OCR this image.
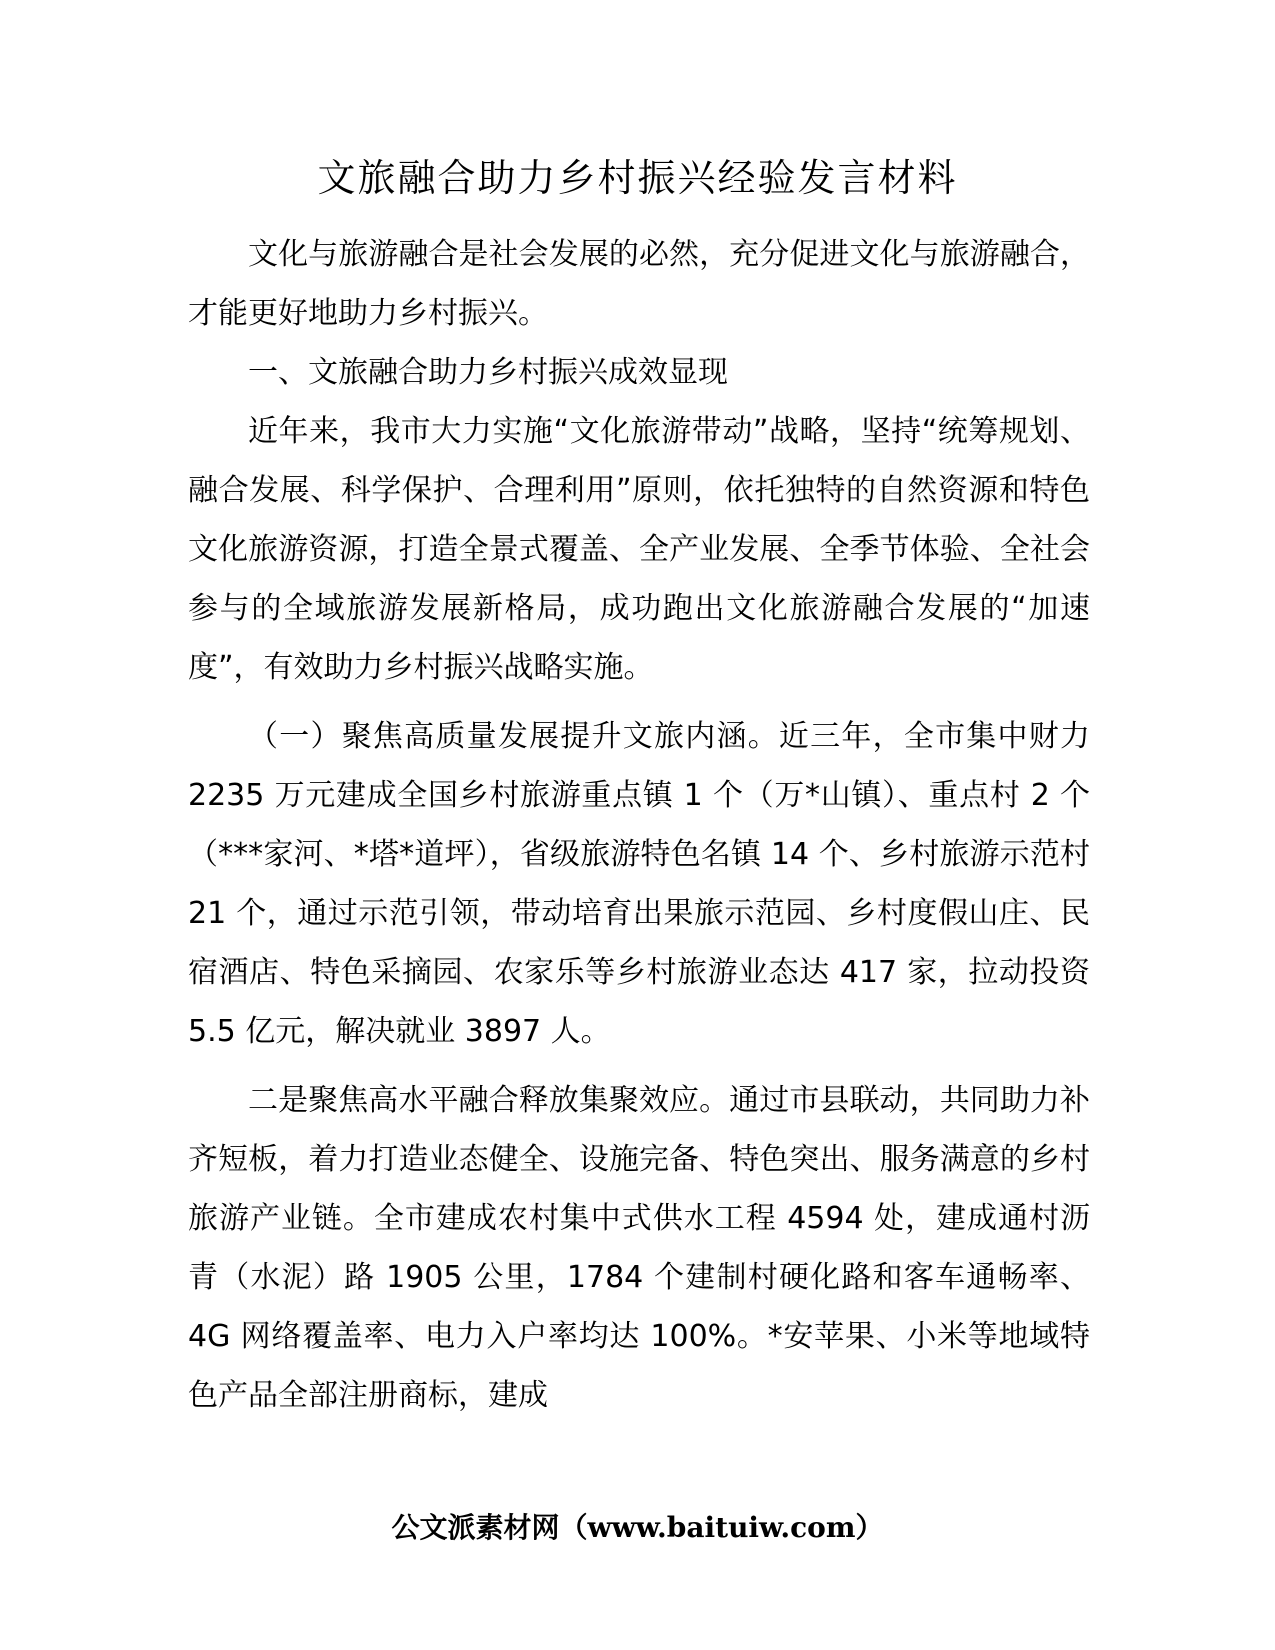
文旅融合助力乡村振兴经验发言材料

文化与旅游融合是社会发展的必然，充分促进文化与旅游融合，才能更好地助力乡村振兴。

一、文旅融合助力乡村振兴成效显现

近年来，我市大力实施“文化旅游带动”战略，坚持“统筹规划、融合发展、科学保护、合理利用”原则，依托独特的自然资源和特色文化旅游资源，打造全景式覆盖、全产业发展、全季节体验、全社会参与的全域旅游发展新格局，成功跑出文化旅游融合发展的“加速度”，有效助力乡村振兴战略实施。

（一）聚焦高质量发展提升文旅内涵。近三年，全市集中财力 2235 万元建成全国乡村旅游重点镇 1 个（万*山镇）、重点村 2 个（***家河、*塔*道坪），省级旅游特色名镇 14 个、乡村旅游示范村 21 个，通过示范引领，带动培育出果旅示范园、乡村度假山庄、民宿酒店、特色采摘园、农家乐等乡村旅游业态达 417 家，拉动投资 5.5 亿元，解决就业 3897 人。

二是聚焦高水平融合释放集聚效应。通过市县联动，共同助力补齐短板，着力打造业态健全、设施完备、特色突出、服务满意的乡村旅游产业链。全市建成农村集中式供水工程 4594 处，建成通村沥青（水泥）路 1905 公里，1784 个建制村硬化路和客车通畅率、4G 网络覆盖率、电力入户率均达 100%。*安苹果、小米等地域特色产品全部注册商标，建成

公文派素材网（www.baituiw.com）
